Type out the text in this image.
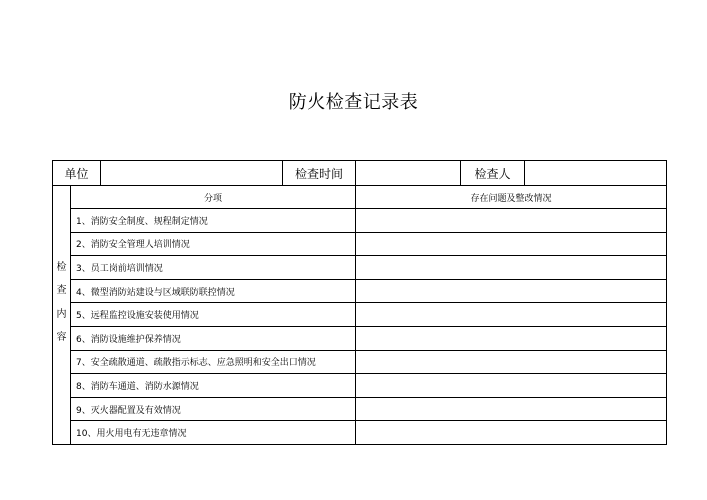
防火检查记录表
单位			检查时间		检查人	

检查内容	分项			存在问题及整改情况		
	1、消防安全制度、规程制定情况					
	2、消防安全管理人培训情况					
	3、员工岗前培训情况					
	4、微型消防站建设与区域联防联控情况					
	5、远程监控设施安装使用情况					
	6、消防设施维护保养情况					
	7、安全疏散通道、疏散指示标志、应急照明和安全出口情况					
	8、消防车通道、消防水源情况					
	9、灭火器配置及有效情况					
	10、用火用电有无违章情况					
